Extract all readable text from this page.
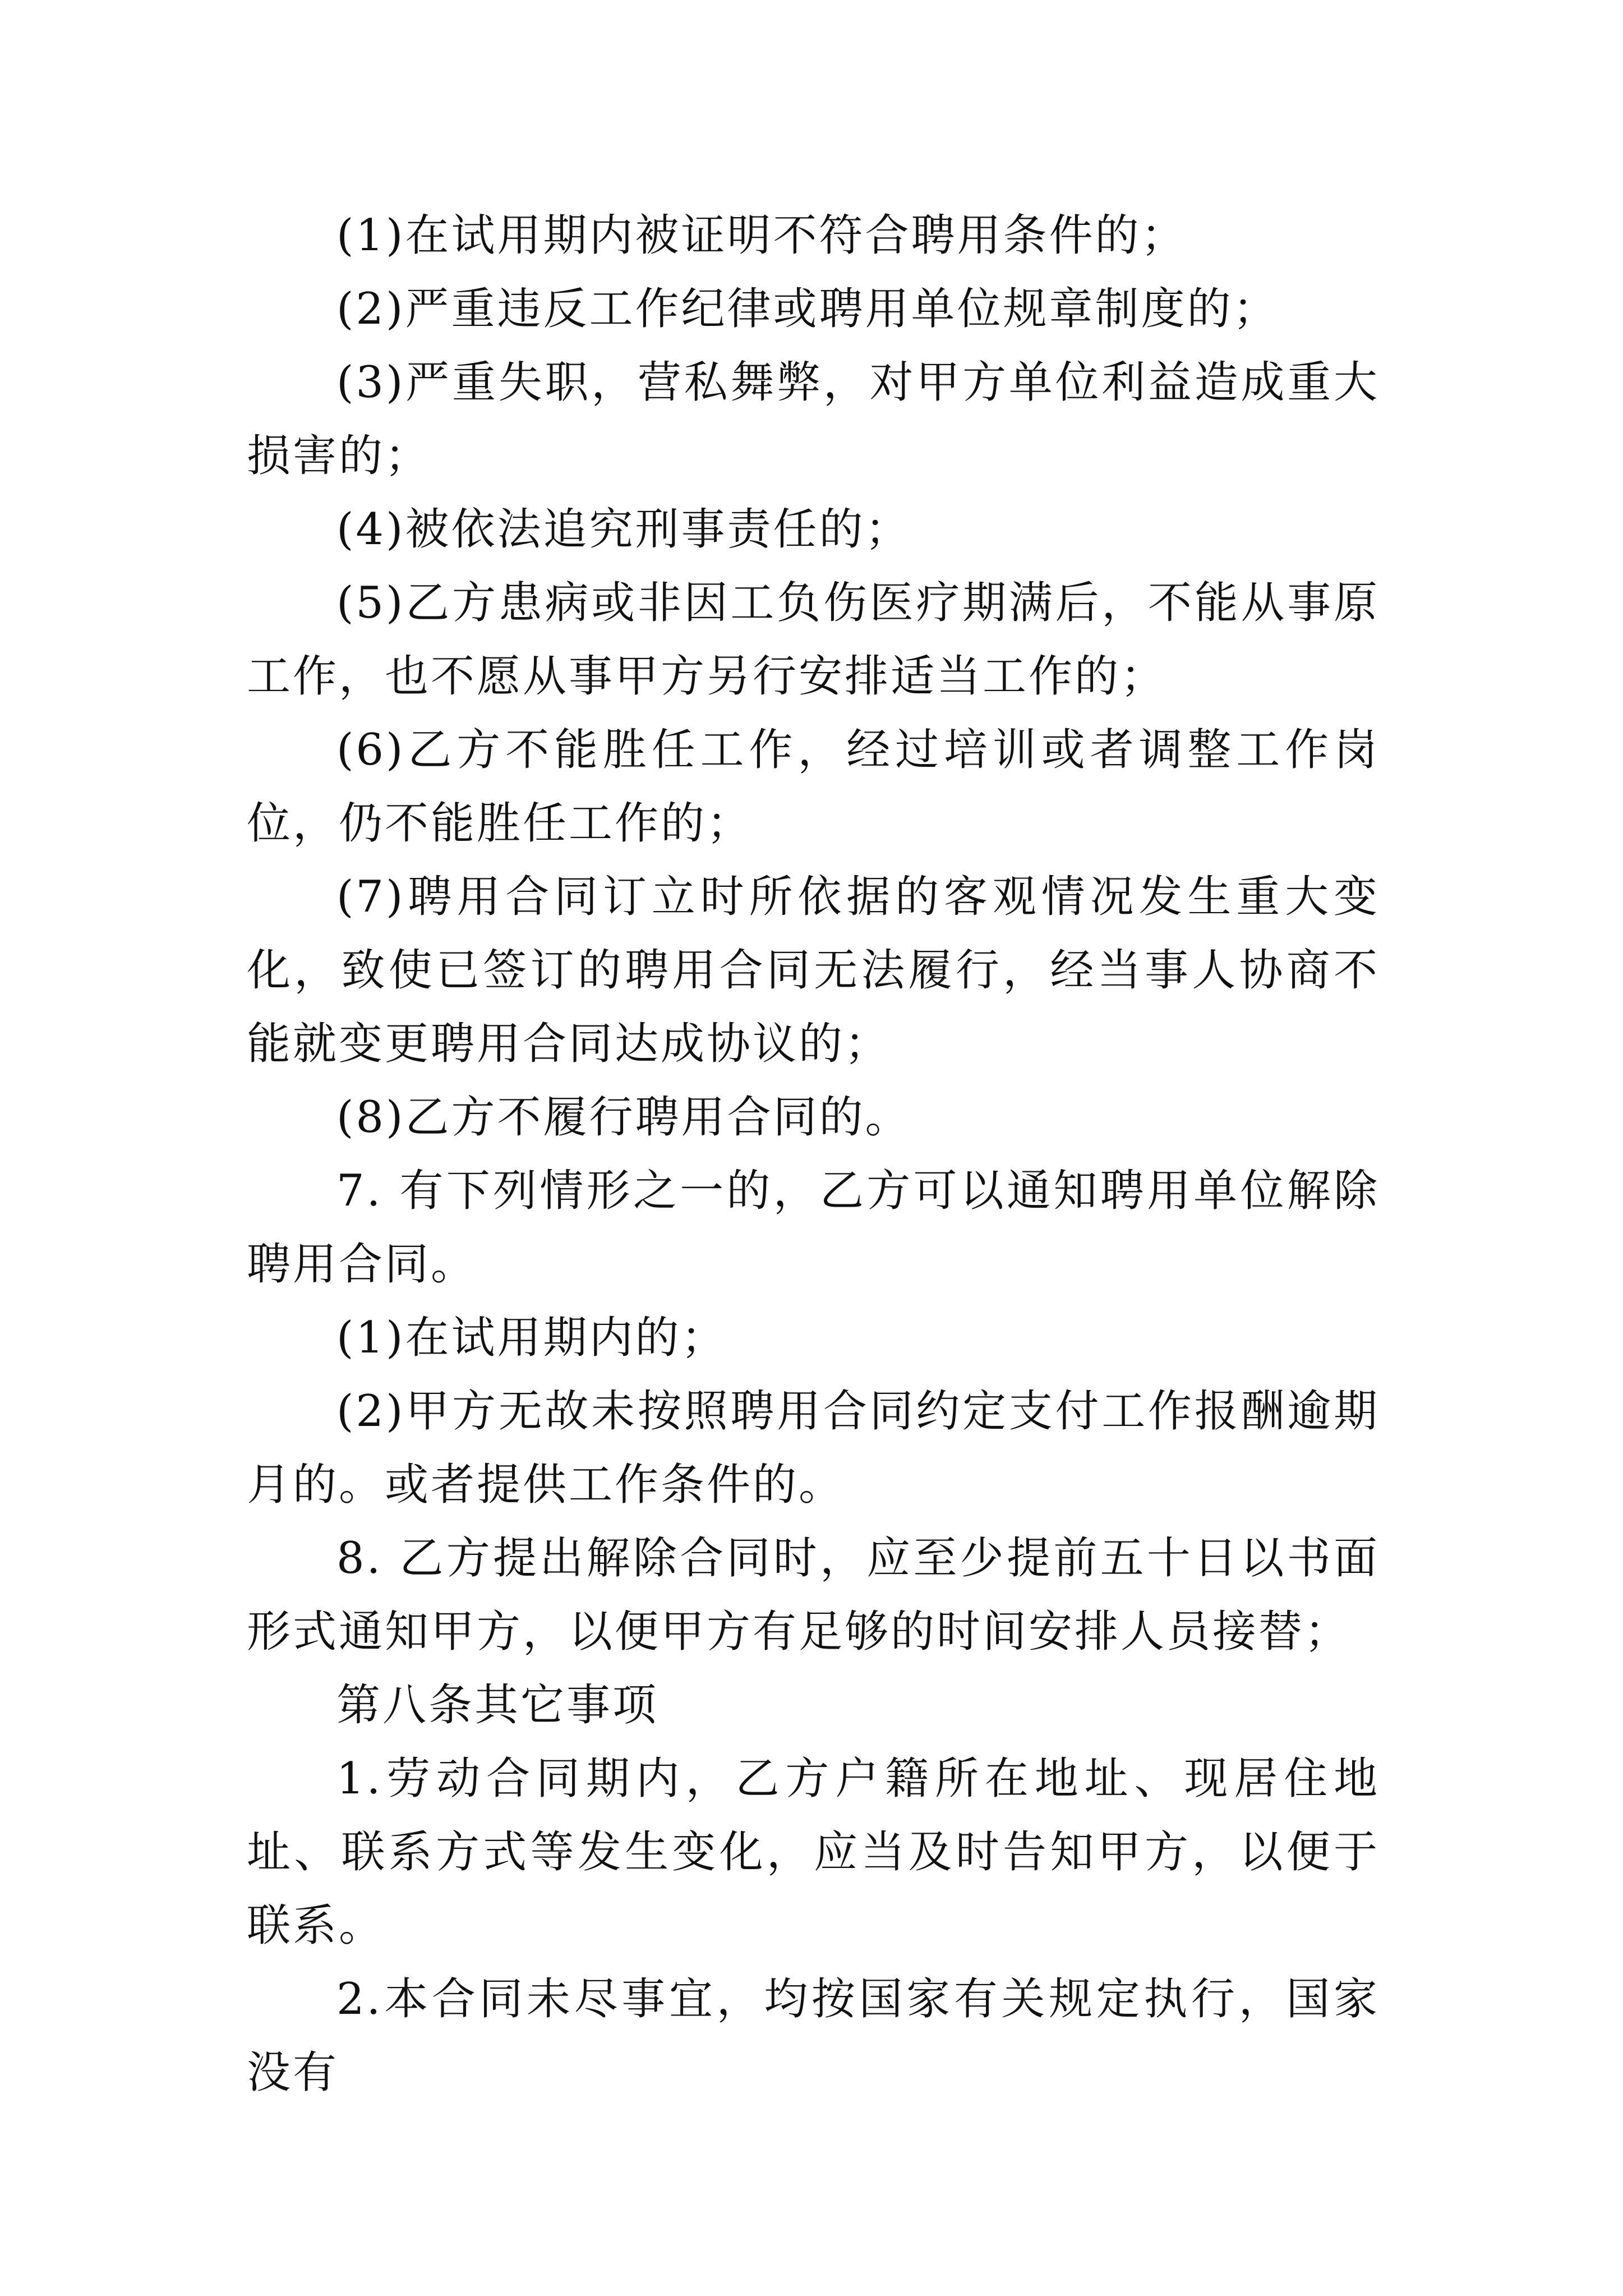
(1)在试用期内被证明不符合聘用条件的；

(2)严重违反工作纪律或聘用单位规章制度的；

(3)严重失职，营私舞弊，对甲方单位利益造成重大损害的；

(4)被依法追究刑事责任的；

(5)乙方患病或非因工负伤医疗期满后，不能从事原工作，也不愿从事甲方另行安排适当工作的；

(6)乙方不能胜任工作，经过培训或者调整工作岗位，仍不能胜任工作的；

(7)聘用合同订立时所依据的客观情况发生重大变化，致使已签订的聘用合同无法履行，经当事人协商不能就变更聘用合同达成协议的；

(8)乙方不履行聘用合同的。

7. 有下列情形之一的，乙方可以通知聘用单位解除聘用合同。

(1)在试用期内的；

(2)甲方无故未按照聘用合同约定支付工作报酬逾期月的。或者提供工作条件的。

8. 乙方提出解除合同时，应至少提前五十日以书面形式通知甲方，以便甲方有足够的时间安排人员接替；

第八条其它事项

1.劳动合同期内，乙方户籍所在地址、现居住地址、联系方式等发生变化，应当及时告知甲方，以便于联系。

2.本合同未尽事宜，均按国家有关规定执行，国家没有
